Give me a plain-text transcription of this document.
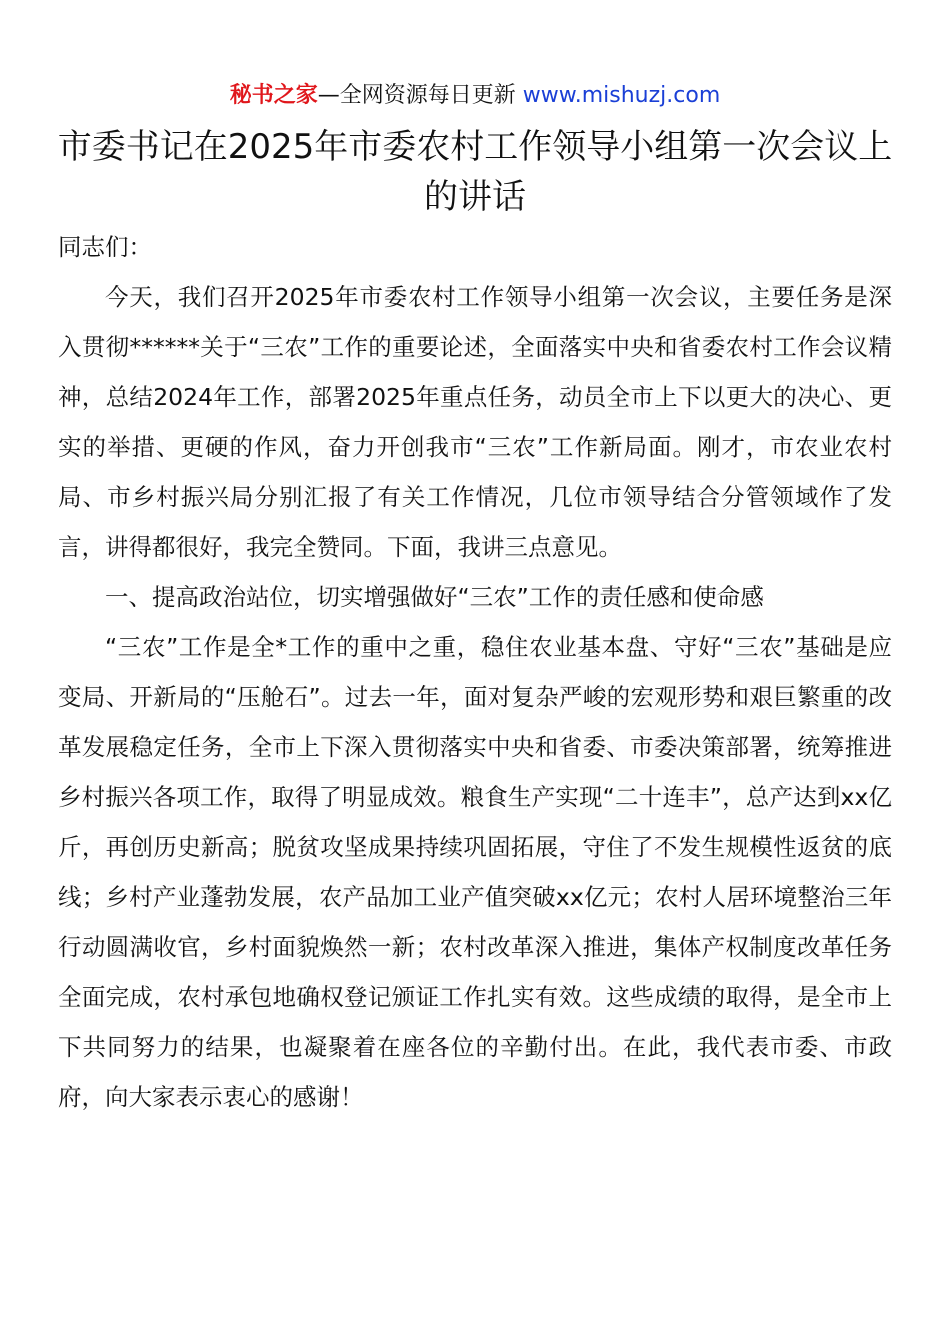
秘书之家—全网资源每日更新 www.mishuzj.com
市委书记在2025年市委农村工作领导小组第一次会议上的讲话

同志们：

今天，我们召开2025年市委农村工作领导小组第一次会议，主要任务是深入贯彻******关于“三农”工作的重要论述，全面落实中央和省委农村工作会议精神，总结2024年工作，部署2025年重点任务，动员全市上下以更大的决心、更实的举措、更硬的作风，奋力开创我市“三农”工作新局面。刚才，市农业农村局、市乡村振兴局分别汇报了有关工作情况，几位市领导结合分管领域作了发言，讲得都很好，我完全赞同。下面，我讲三点意见。

一、提高政治站位，切实增强做好“三农”工作的责任感和使命感

“三农”工作是全*工作的重中之重，稳住农业基本盘、守好“三农”基础是应变局、开新局的“压舱石”。过去一年，面对复杂严峻的宏观形势和艰巨繁重的改革发展稳定任务，全市上下深入贯彻落实中央和省委、市委决策部署，统筹推进乡村振兴各项工作，取得了明显成效。粮食生产实现“二十连丰”，总产达到xx亿斤，再创历史新高；脱贫攻坚成果持续巩固拓展，守住了不发生规模性返贫的底线；乡村产业蓬勃发展，农产品加工业产值突破xx亿元；农村人居环境整治三年行动圆满收官，乡村面貌焕然一新；农村改革深入推进，集体产权制度改革任务全面完成，农村承包地确权登记颁证工作扎实有效。这些成绩的取得，是全市上下共同努力的结果，也凝聚着在座各位的辛勤付出。在此，我代表市委、市政府，向大家表示衷心的感谢！
